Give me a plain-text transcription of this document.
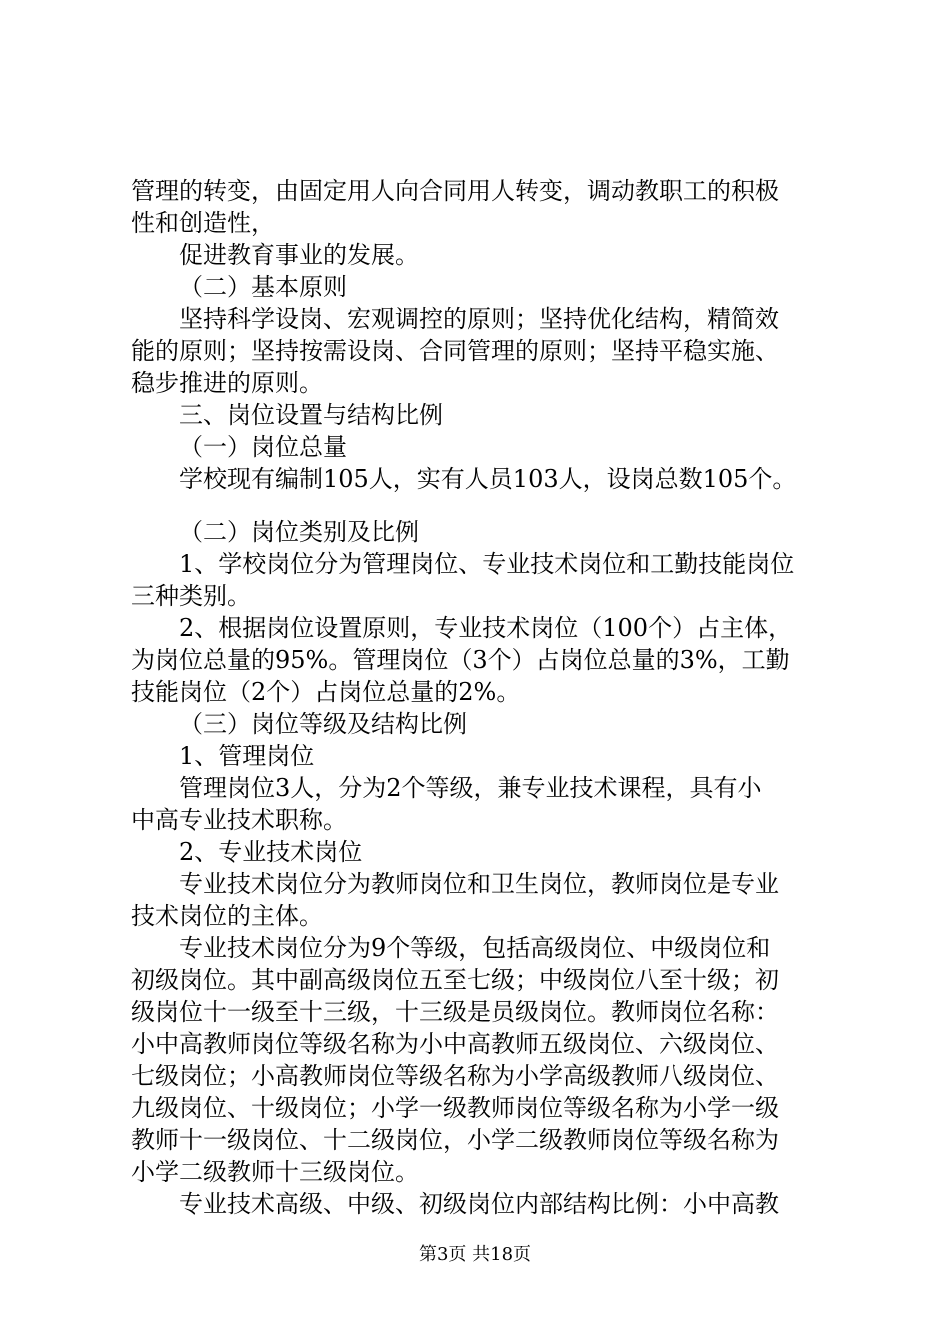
管理的转变，由固定用人向合同用人转变，调动教职工的积极
性和创造性，
促进教育事业的发展。
（二）基本原则
坚持科学设岗、宏观调控的原则；坚持优化结构，精简效
能的原则；坚持按需设岗、合同管理的原则；坚持平稳实施、
稳步推进的原则。
三、岗位设置与结构比例
（一）岗位总量
学校现有编制105人，实有人员103人，设岗总数105个。
（二）岗位类别及比例
1、学校岗位分为管理岗位、专业技术岗位和工勤技能岗位
三种类别。
2、根据岗位设置原则，专业技术岗位（100个）占主体，
为岗位总量的95%。管理岗位（3个）占岗位总量的3%，工勤
技能岗位（2个）占岗位总量的2%。
（三）岗位等级及结构比例
1、管理岗位
管理岗位3人，分为2个等级，兼专业技术课程，具有小
中高专业技术职称。
2、专业技术岗位
专业技术岗位分为教师岗位和卫生岗位，教师岗位是专业
技术岗位的主体。
专业技术岗位分为9个等级，包括高级岗位、中级岗位和
初级岗位。其中副高级岗位五至七级；中级岗位八至十级；初
级岗位十一级至十三级，十三级是员级岗位。教师岗位名称：
小中高教师岗位等级名称为小中高教师五级岗位、六级岗位、
七级岗位；小高教师岗位等级名称为小学高级教师八级岗位、
九级岗位、十级岗位；小学一级教师岗位等级名称为小学一级
教师十一级岗位、十二级岗位，小学二级教师岗位等级名称为
小学二级教师十三级岗位。
专业技术高级、中级、初级岗位内部结构比例：小中高教
第3页 共18页
